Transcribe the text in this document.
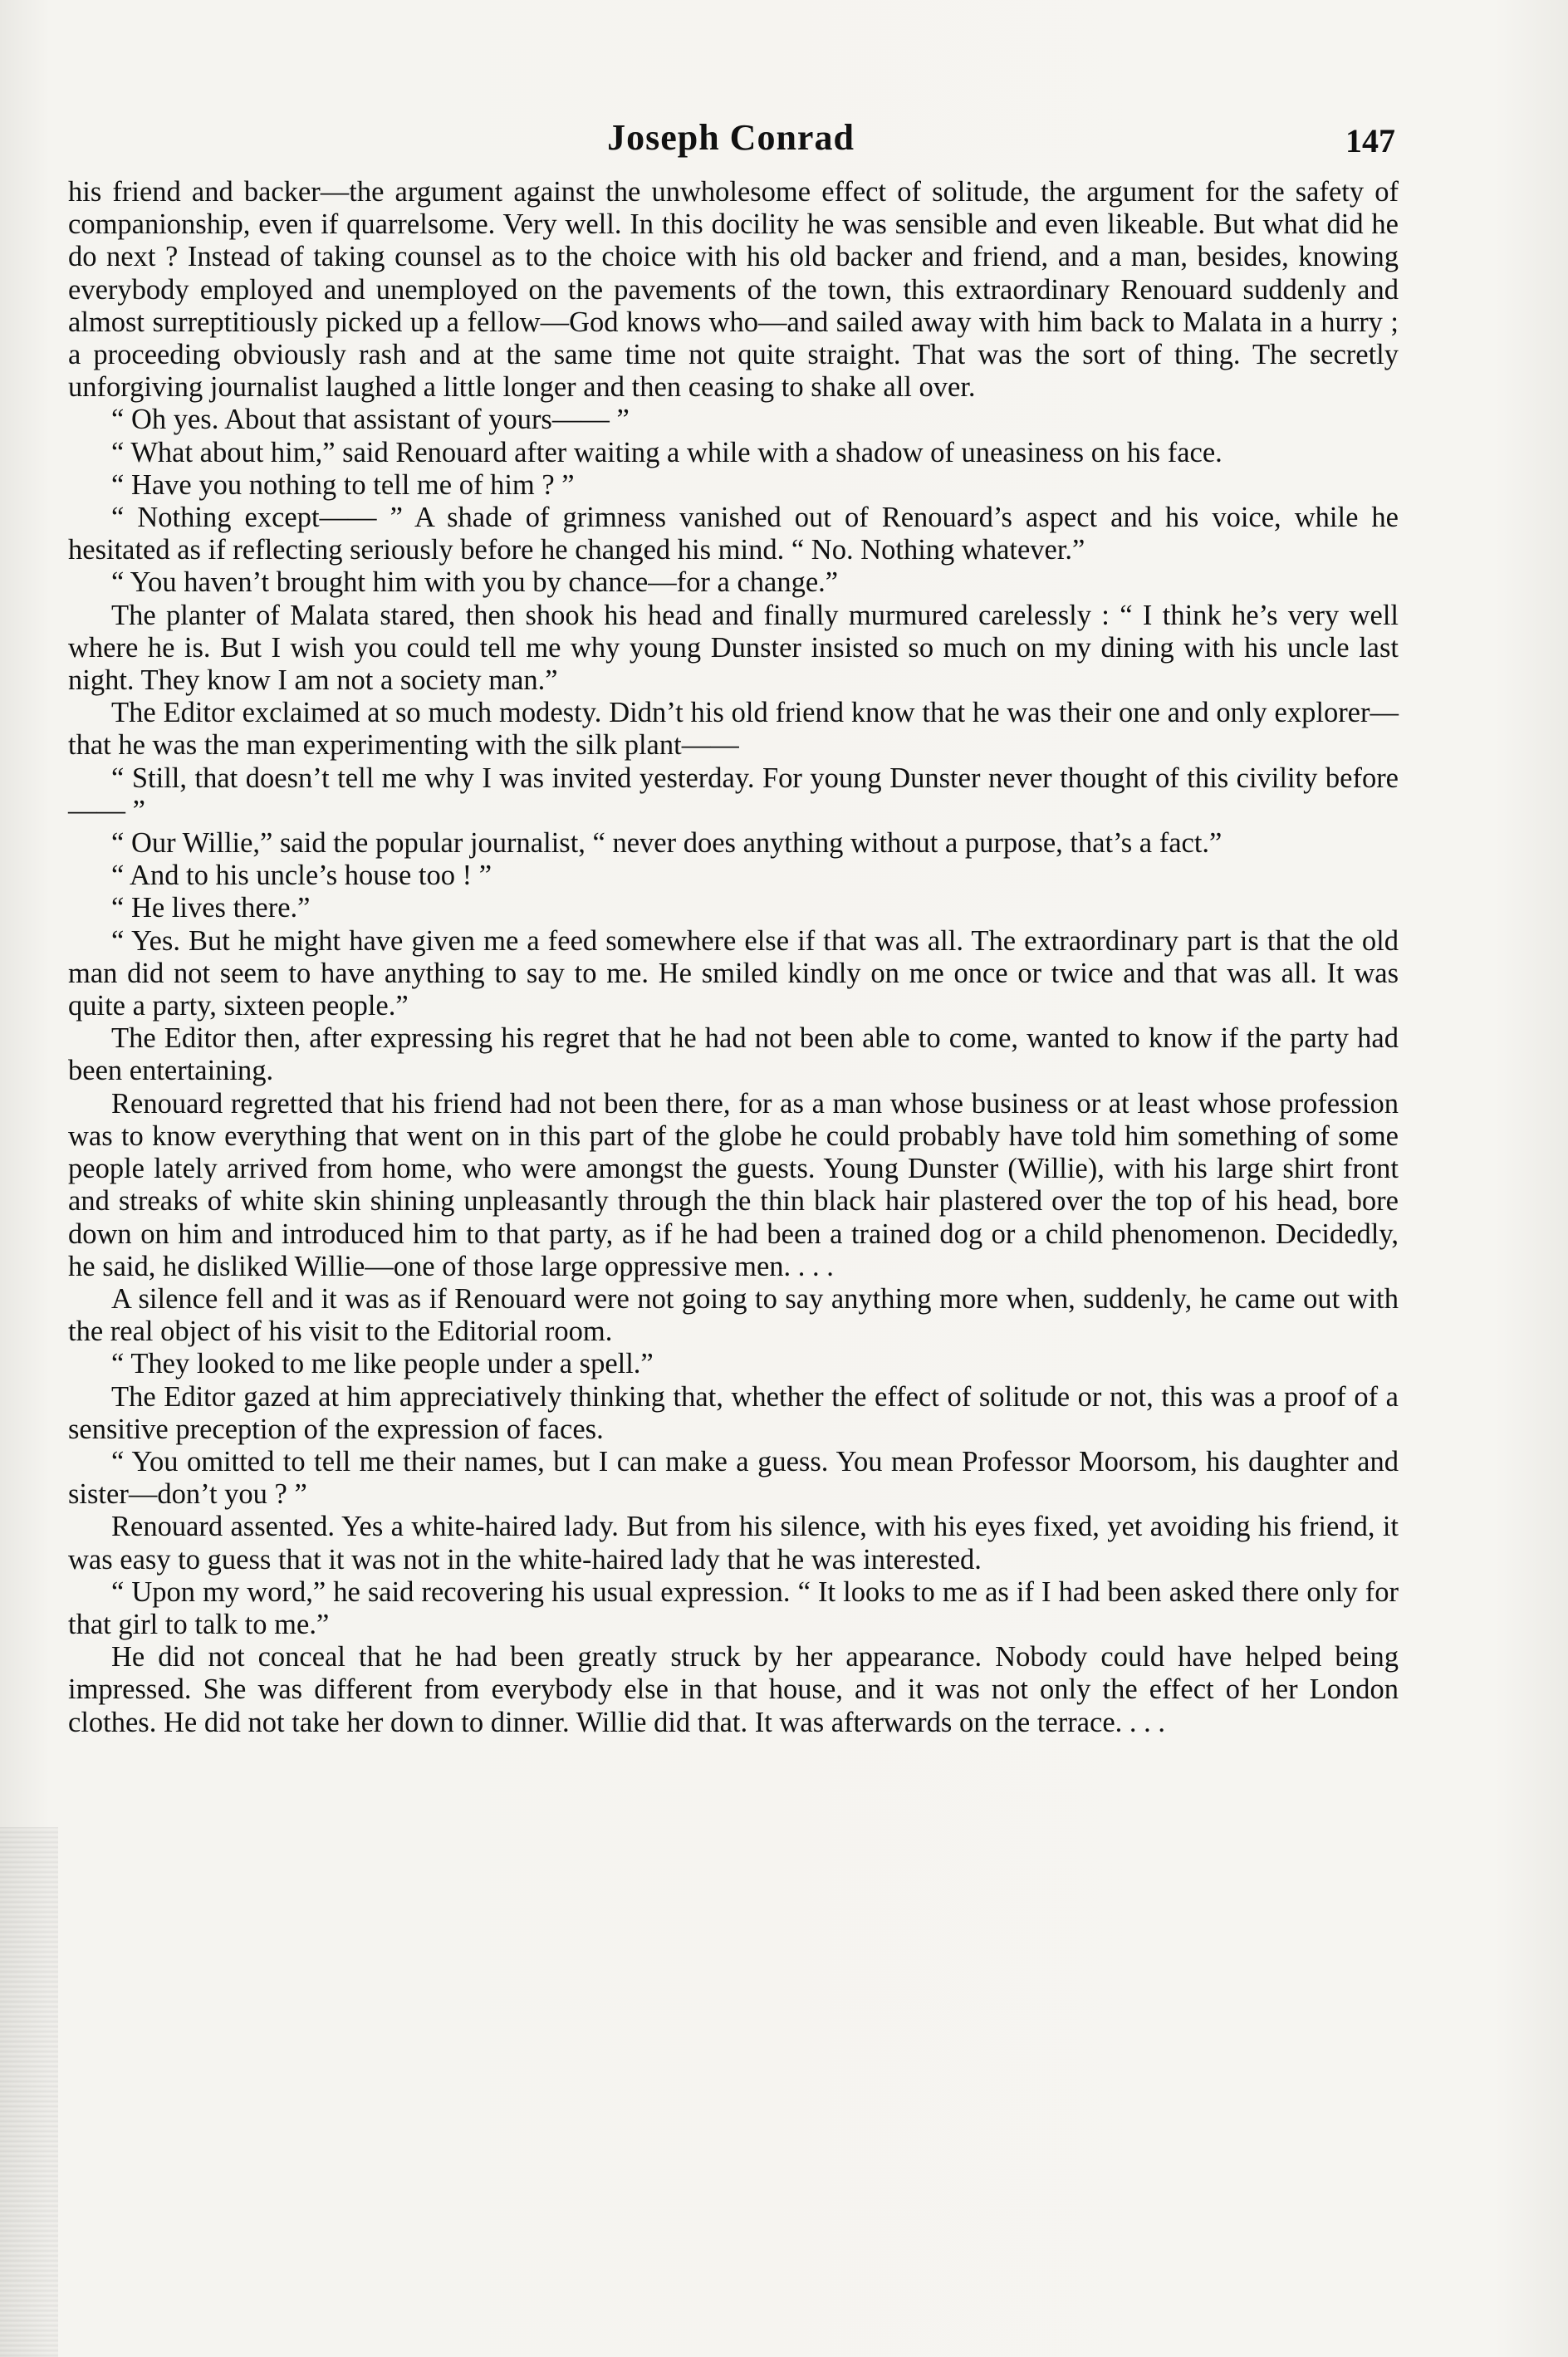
Joseph Conrad	147

his friend and backer—the argument against the unwholesome effect of solitude, the argument for the safety of companionship, even if quarrelsome. Very well. In this docility he was sensible and even likeable. But what did he do next ? Instead of taking counsel as to the choice with his old backer and friend, and a man, besides, knowing everybody employed and unemployed on the pavements of the town, this extraordinary Renouard suddenly and almost surreptitiously picked up a fellow—God knows who—and sailed away with him back to Malata in a hurry ; a proceeding obviously rash and at the same time not quite straight. That was the sort of thing. The secretly unforgiving journalist laughed a little longer and then ceasing to shake all over.

“ Oh yes. About that assistant of yours—— ”

“ What about him,” said Renouard after waiting a while with a shadow of uneasiness on his face.

“ Have you nothing to tell me of him ? ”

“ Nothing except—— ” A shade of grimness vanished out of Renouard’s aspect and his voice, while he hesitated as if reflecting seriously before he changed his mind. “ No. Nothing whatever.”

“ You haven’t brought him with you by chance—for a change.”

The planter of Malata stared, then shook his head and finally murmured carelessly : “ I think he’s very well where he is. But I wish you could tell me why young Dunster insisted so much on my dining with his uncle last night. They know I am not a society man.”

The Editor exclaimed at so much modesty. Didn’t his old friend know that he was their one and only explorer—that he was the man experimenting with the silk plant——

“ Still, that doesn’t tell me why I was invited yesterday. For young Dunster never thought of this civility before—— ”

“ Our Willie,” said the popular journalist, “ never does anything without a purpose, that’s a fact.”

“ And to his uncle’s house too ! ”

“ He lives there.”

“ Yes. But he might have given me a feed somewhere else if that was all. The extraordinary part is that the old man did not seem to have anything to say to me. He smiled kindly on me once or twice and that was all. It was quite a party, sixteen people.”

The Editor then, after expressing his regret that he had not been able to come, wanted to know if the party had been entertaining.

Renouard regretted that his friend had not been there, for as a man whose business or at least whose profession was to know everything that went on in this part of the globe he could probably have told him something of some people lately arrived from home, who were amongst the guests. Young Dunster (Willie), with his large shirt front and streaks of white skin shining unpleasantly through the thin black hair plastered over the top of his head, bore down on him and introduced him to that party, as if he had been a trained dog or a child phenomenon. Decidedly, he said, he disliked Willie—one of those large oppressive men. . . .

A silence fell and it was as if Renouard were not going to say anything more when, suddenly, he came out with the real object of his visit to the Editorial room.

“ They looked to me like people under a spell.”

The Editor gazed at him appreciatively thinking that, whether the effect of solitude or not, this was a proof of a sensitive preception of the expression of faces.

“ You omitted to tell me their names, but I can make a guess. You mean Professor Moorsom, his daughter and sister—don’t you ? ”

Renouard assented. Yes a white-haired lady. But from his silence, with his eyes fixed, yet avoiding his friend, it was easy to guess that it was not in the white-haired lady that he was interested.

“ Upon my word,” he said recovering his usual expression. “ It looks to me as if I had been asked there only for that girl to talk to me.”

He did not conceal that he had been greatly struck by her appearance. Nobody could have helped being impressed. She was different from everybody else in that house, and it was not only the effect of her London clothes. He did not take her down to dinner. Willie did that. It was afterwards on the terrace. . . .
